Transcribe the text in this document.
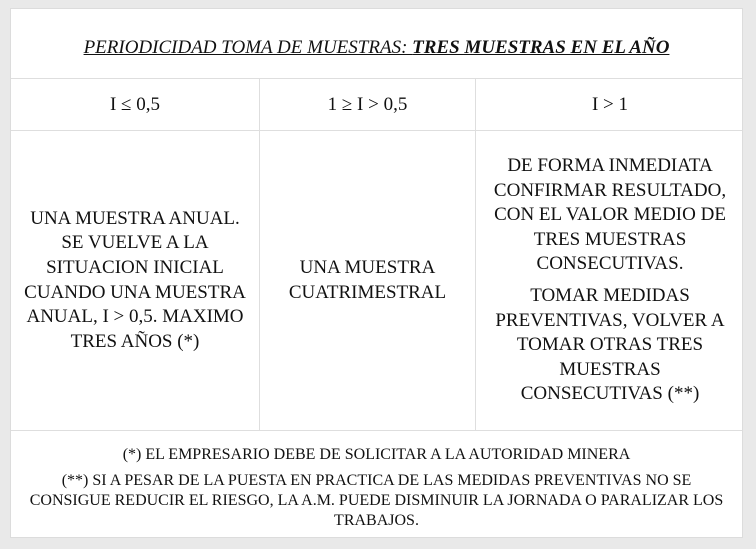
PERIODICIDAD TOMA DE MUESTRAS: TRES MUESTRAS EN EL AÑO
I ≤ 0,5	1 ≥ I > 0,5	I > 1
UNA MUESTRA ANUAL. SE VUELVE A LA SITUACION INICIAL CUANDO UNA MUESTRA ANUAL, I > 0,5. MAXIMO TRES AÑOS (*)
UNA MUESTRA CUATRIMESTRAL
DE FORMA INMEDIATA CONFIRMAR RESULTADO, CON EL VALOR MEDIO DE TRES MUESTRAS CONSECUTIVAS.
TOMAR MEDIDAS PREVENTIVAS, VOLVER A TOMAR OTRAS TRES MUESTRAS CONSECUTIVAS (**)
(*) EL EMPRESARIO DEBE DE SOLICITAR A LA AUTORIDAD MINERA
(**) SI A PESAR DE LA PUESTA EN PRACTICA DE LAS MEDIDAS PREVENTIVAS NO SE CONSIGUE REDUCIR EL RIESGO, LA A.M. PUEDE DISMINUIR LA JORNADA O PARALIZAR LOS TRABAJOS.
